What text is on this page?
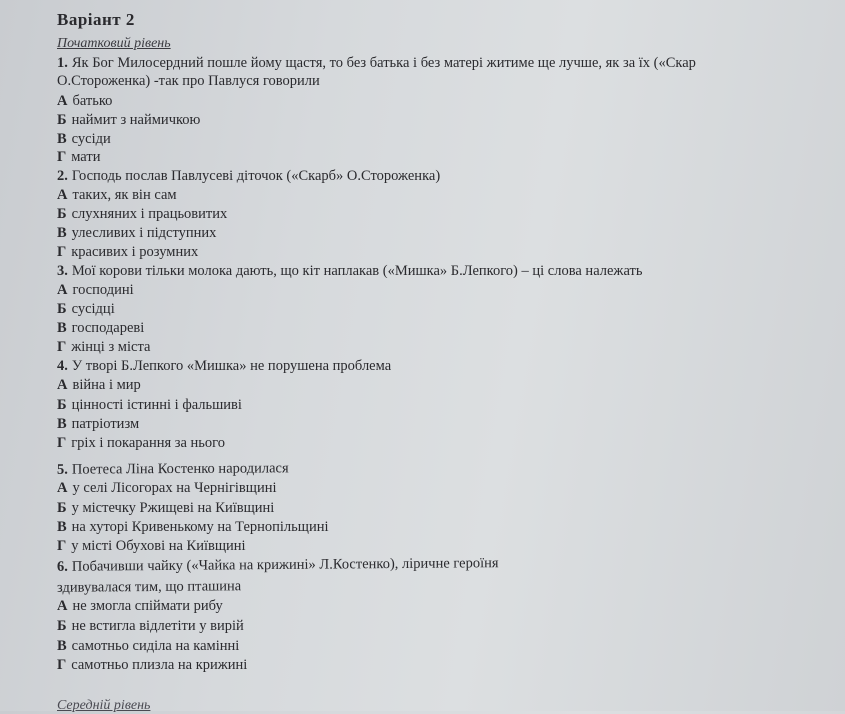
Варіант 2
Початковий рівень
1. Як Бог Милосердний пошле йому щастя, то без батька і без матері житиме ще лучше, як за їх («Скар
О.Стороженка) -так про Павлуся говорили
А батько
Б наймит з наймичкою
В сусіди
Г мати
2. Господь послав Павлусеві діточок («Скарб» О.Стороженка)
А таких, як він сам
Б слухняних і працьовитих
В улесливих і підступних
Г красивих і розумних
3. Мої корови тільки молока дають, що кіт наплакав («Мишка» Б.Лепкого) – ці слова належать
А господині
Б сусідці
В господареві
Г жінці з міста
4. У творі Б.Лепкого «Мишка» не порушена проблема
А війна і мир
Б цінності істинні і фальшиві
В патріотизм
Г гріх і покарання за нього
5. Поетеса Ліна Костенко народилася
А у селі Лісогорах на Чернігівщині
Б у містечку Ржищеві на Київщині
В на хуторі Кривенькому на Тернопільщині
Г у місті Обухові на Київщині
6. Побачивши чайку («Чайка на крижині» Л.Костенко), ліричне героїня
здивувалася тим, що пташина
А не змогла спіймати рибу
Б не встигла відлетіти у вирій
В самотньо сиділа на камінні
Г самотньо плизла на крижині
Середній рівень
